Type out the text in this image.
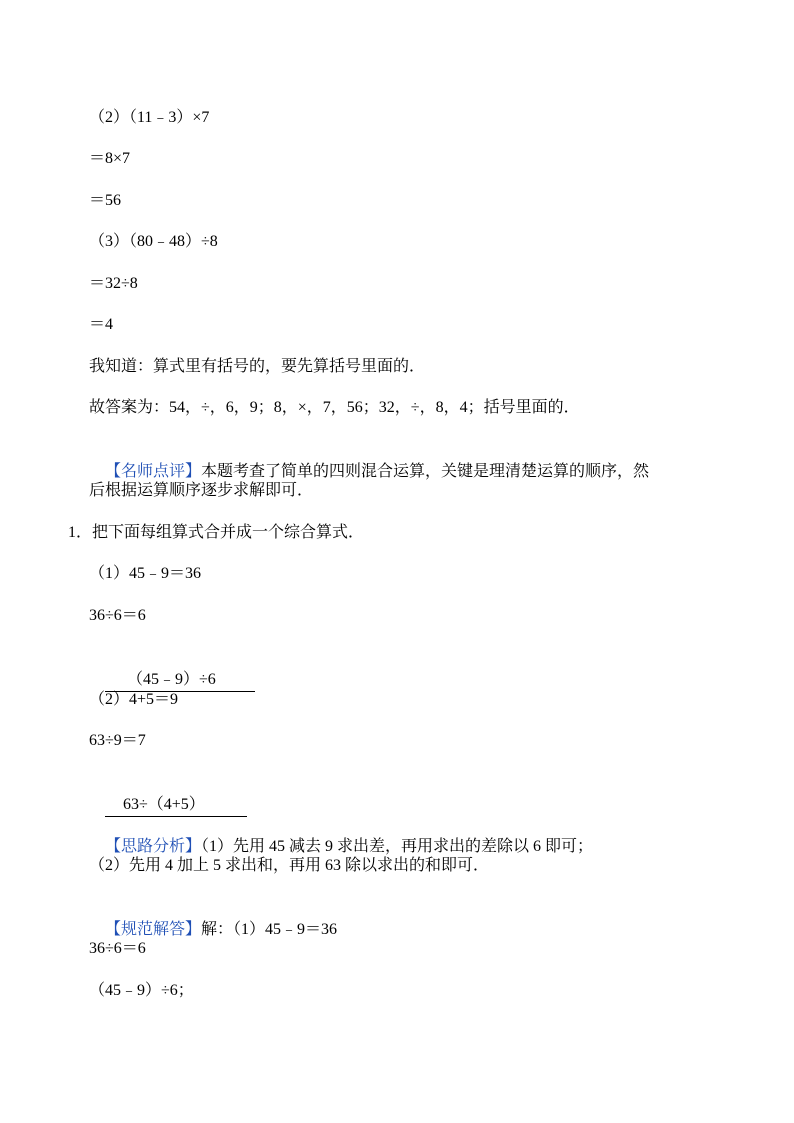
（2）（11﹣3）×7
＝8×7
＝56
（3）（80﹣48）÷8
＝32÷8
＝4
我知道：算式里有括号的，要先算括号里面的．
故答案为：54，÷，6，9；8，×，7，56；32，÷，8，4；括号里面的．

【名师点评】本题考查了简单的四则混合运算，关键是理清楚运算的顺序，然

后根据运算顺序逐步求解即可．
1．把下面每组算式合并成一个综合算式．
（1）45﹣9＝36
36÷6＝6

（45﹣9）÷6

（2）4+5＝9
63÷9＝7

63÷（4+5）

【思路分析】（1）先用 45 减去 9 求出差，再用求出的差除以 6 即可；

（2）先用 4 加上 5 求出和，再用 63 除以求出的和即可．

【规范解答】解：（1）45﹣9＝36

36÷6＝6
（45﹣9）÷6；
